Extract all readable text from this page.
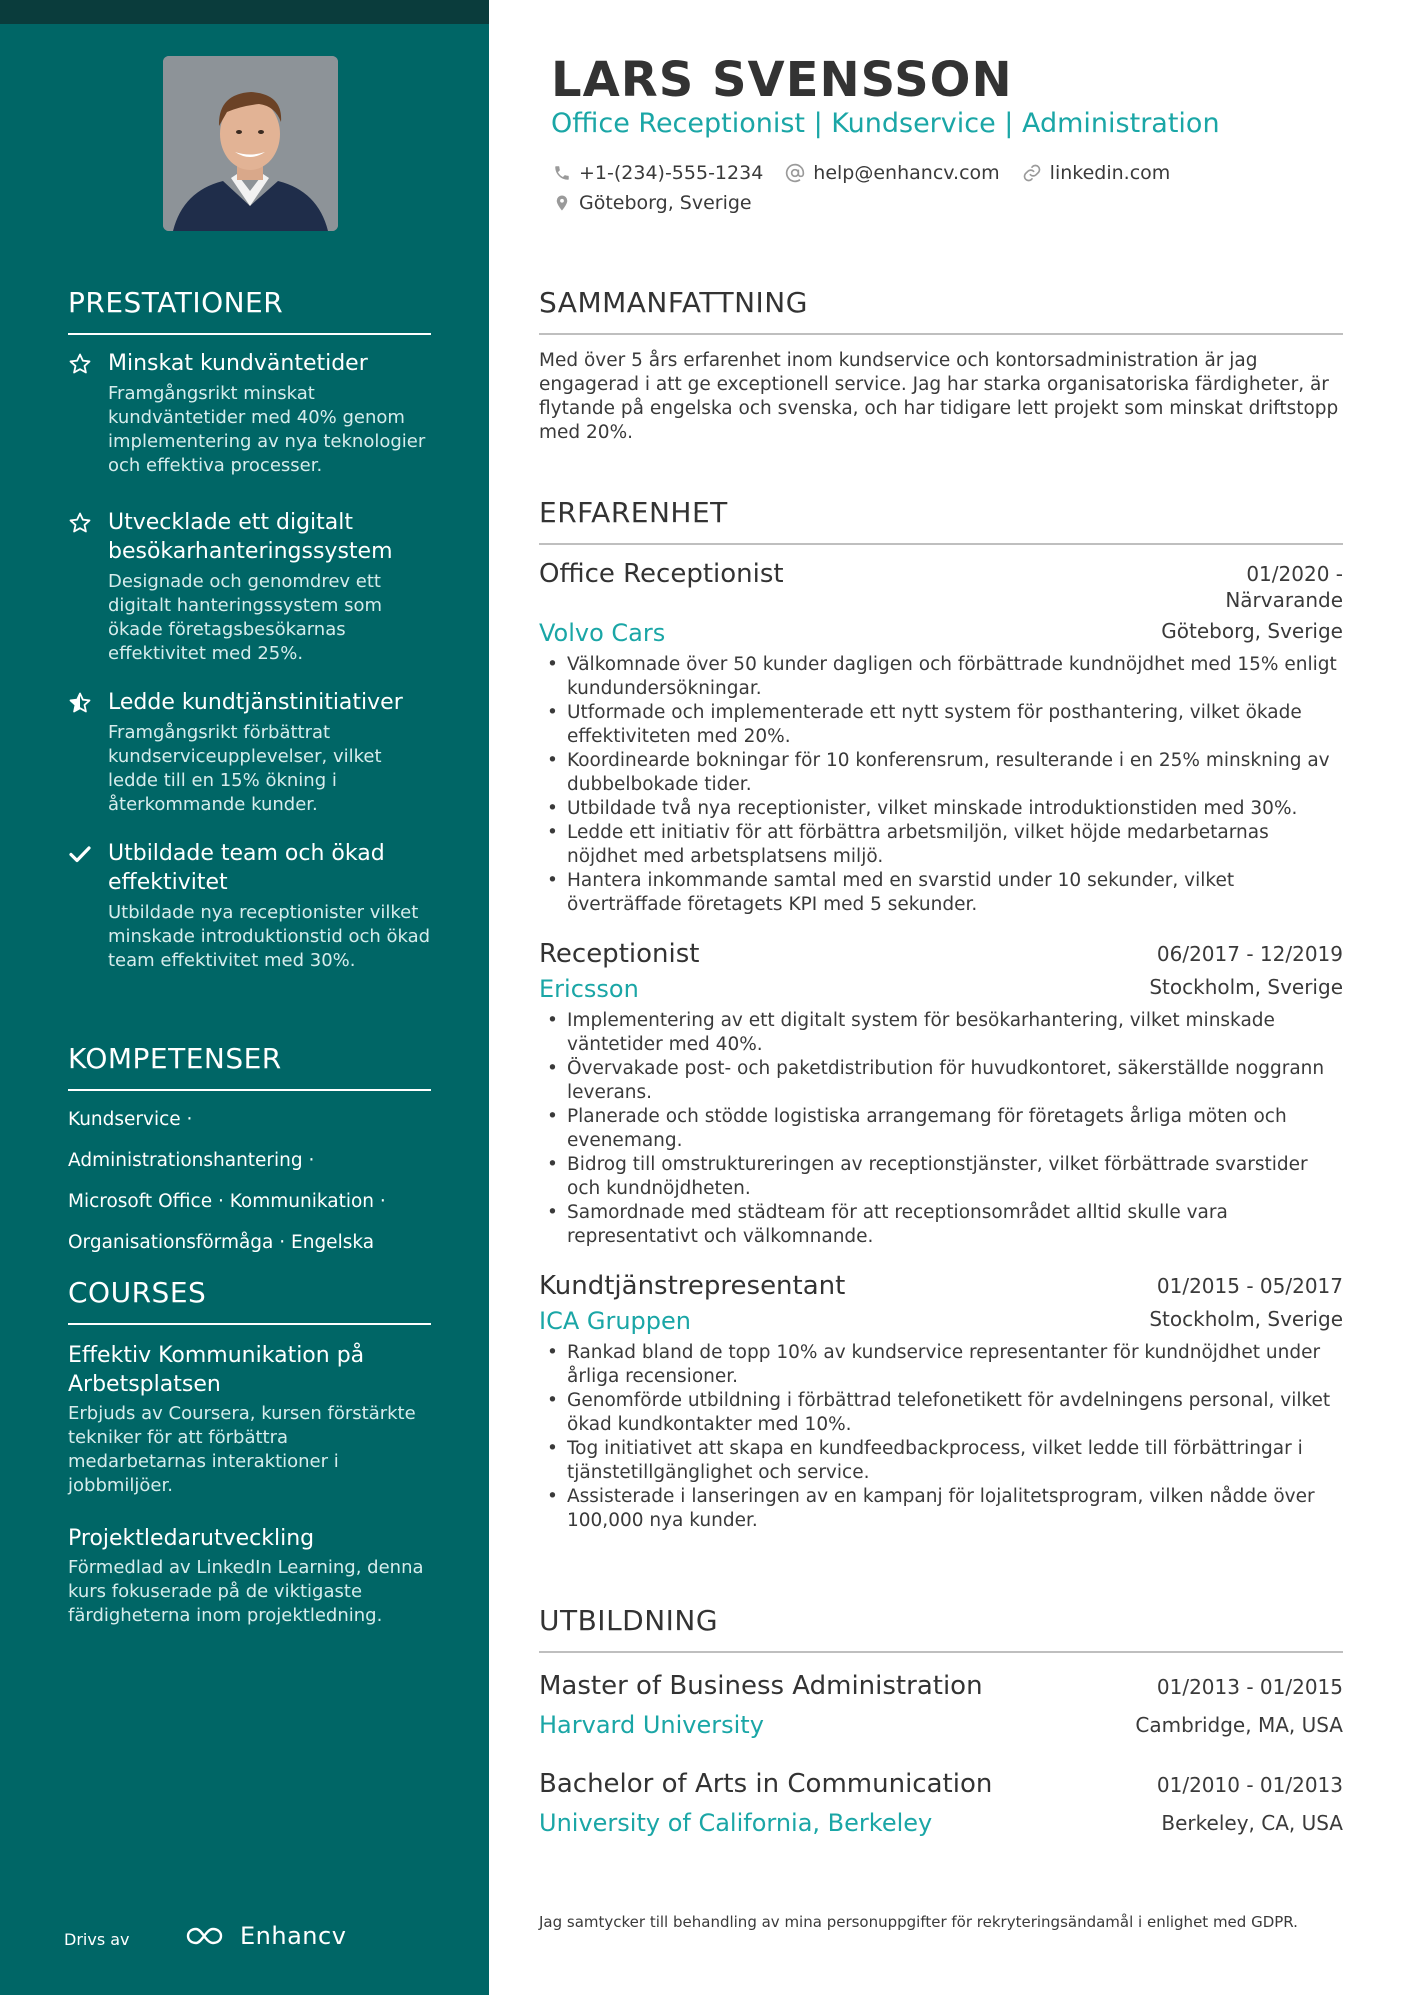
PRESTATIONER
Minskat kundväntetider
Framgångsrikt minskat kundväntetider med 40% genom implementering av nya teknologier och effektiva processer.
Utvecklade ett digitalt besökarhanteringssystem
Designade och genomdrev ett digitalt hanteringssystem som ökade företagsbesökarnas effektivitet med 25%.
Ledde kundtjänstinitiativer
Framgångsrikt förbättrat kundserviceupplevelser, vilket ledde till en 15% ökning i återkommande kunder.
Utbildade team och ökad effektivitet
Utbildade nya receptionister vilket minskade introduktionstid och ökad team effektivitet med 30%.
KOMPETENSER
Kundservice · Administrationshantering ·
Microsoft Office · Kommunikation ·
Organisationsförmåga · Engelska
COURSES
Effektiv Kommunikation på Arbetsplatsen
Erbjuds av Coursera, kursen förstärkte tekniker för att förbättra medarbetarnas interaktioner i jobbmiljöer.
Projektledarutveckling
Förmedlad av LinkedIn Learning, denna kurs fokuserade på de viktigaste färdigheterna inom projektledning.
Drivs av	Enhancv
LARS SVENSSON
Office Receptionist | Kundservice | Administration
+1-(234)-555-1234	help@enhancv.com	linkedin.com
Göteborg, Sverige
SAMMANFATTNING
Med över 5 års erfarenhet inom kundservice och kontorsadministration är jag engagerad i att ge exceptionell service. Jag har starka organisatoriska färdigheter, är flytande på engelska och svenska, och har tidigare lett projekt som minskat driftstopp med 20%.
ERFARENHET
Office Receptionist	01/2020 -
Närvarande
Volvo Cars	Göteborg, Sverige
• Välkomnade över 50 kunder dagligen och förbättrade kundnöjdhet med 15% enligt kundundersökningar.
• Utformade och implementerade ett nytt system för posthantering, vilket ökade effektiviteten med 20%.
• Koordinearde bokningar för 10 konferensrum, resulterande i en 25% minskning av dubbelbokade tider.
• Utbildade två nya receptionister, vilket minskade introduktionstiden med 30%.
• Ledde ett initiativ för att förbättra arbetsmiljön, vilket höjde medarbetarnas nöjdhet med arbetsplatsens miljö.
• Hantera inkommande samtal med en svarstid under 10 sekunder, vilket överträffade företagets KPI med 5 sekunder.
Receptionist	06/2017 - 12/2019
Ericsson	Stockholm, Sverige
• Implementering av ett digitalt system för besökarhantering, vilket minskade väntetider med 40%.
• Övervakade post- och paketdistribution för huvudkontoret, säkerställde noggrann leverans.
• Planerade och stödde logistiska arrangemang för företagets årliga möten och evenemang.
• Bidrog till omstruktureringen av receptionstjänster, vilket förbättrade svarstider och kundnöjdheten.
• Samordnade med städteam för att receptionsområdet alltid skulle vara representativt och välkomnande.
Kundtjänstrepresentant	01/2015 - 05/2017
ICA Gruppen	Stockholm, Sverige
• Rankad bland de topp 10% av kundservice representanter för kundnöjdhet under årliga recensioner.
• Genomförde utbildning i förbättrad telefonetikett för avdelningens personal, vilket ökad kundkontakter med 10%.
• Tog initiativet att skapa en kundfeedbackprocess, vilket ledde till förbättringar i tjänstetillgänglighet och service.
• Assisterade i lanseringen av en kampanj för lojalitetsprogram, vilken nådde över 100,000 nya kunder.
UTBILDNING
Master of Business Administration	01/2013 - 01/2015
Harvard University	Cambridge, MA, USA
Bachelor of Arts in Communication	01/2010 - 01/2013
University of California, Berkeley	Berkeley, CA, USA
Jag samtycker till behandling av mina personuppgifter för rekryteringsändamål i enlighet med GDPR.
